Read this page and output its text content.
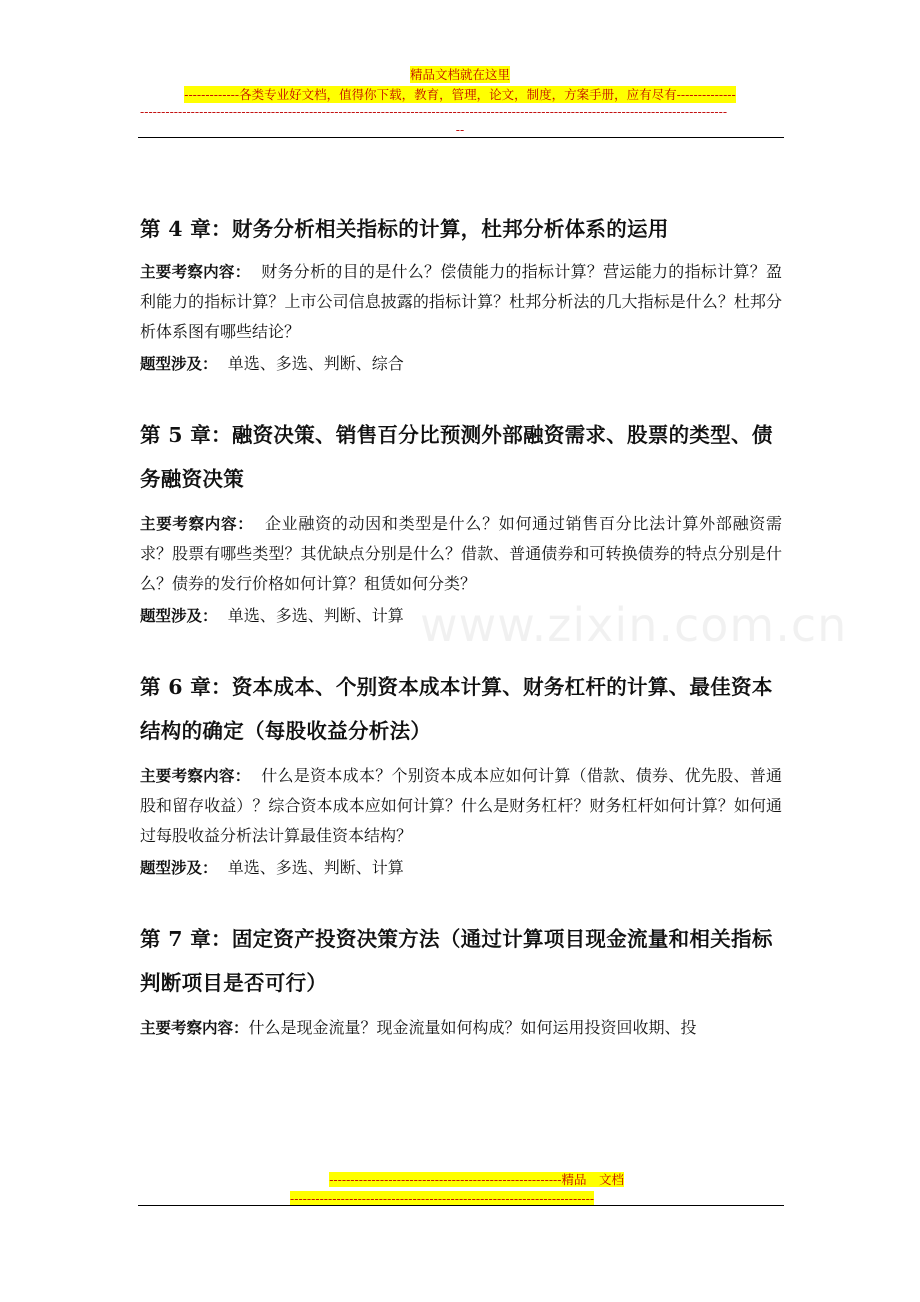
精品文档就在这里
-------------各类专业好文档，值得你下载，教育，管理，论文，制度，方案手册，应有尽有--------------
-------------------------------------------------------------------------------------------------------------------------------------------
--
www.zixin.com.cn
第 4 章：财务分析相关指标的计算，杜邦分析体系的运用

主要考察内容： 财务分析的目的是什么？偿债能力的指标计算？营运能力的指标计算？盈利能力的指标计算？上市公司信息披露的指标计算？杜邦分析法的几大指标是什么？杜邦分析体系图有哪些结论？

题型涉及： 单选、多选、判断、综合

第 5 章：融资决策、销售百分比预测外部融资需求、股票的类型、债务融资决策

主要考察内容： 企业融资的动因和类型是什么？如何通过销售百分比法计算外部融资需求？股票有哪些类型？其优缺点分别是什么？借款、普通债券和可转换债券的特点分别是什么？债券的发行价格如何计算？租赁如何分类？

题型涉及： 单选、多选、判断、计算

第 6 章：资本成本、个别资本成本计算、财务杠杆的计算、最佳资本结构的确定（每股收益分析法）

主要考察内容： 什么是资本成本？个别资本成本应如何计算（借款、债券、优先股、普通股和留存收益）？综合资本成本应如何计算？什么是财务杠杆？财务杠杆如何计算？如何通过每股收益分析法计算最佳资本结构？

题型涉及： 单选、多选、判断、计算

第 7 章：固定资产投资决策方法（通过计算项目现金流量和相关指标判断项目是否可行）

主要考察内容：什么是现金流量？现金流量如何构成？如何运用投资回收期、投

-------------------------------------------------------精品　文档
------------------------------------------------------------------------
